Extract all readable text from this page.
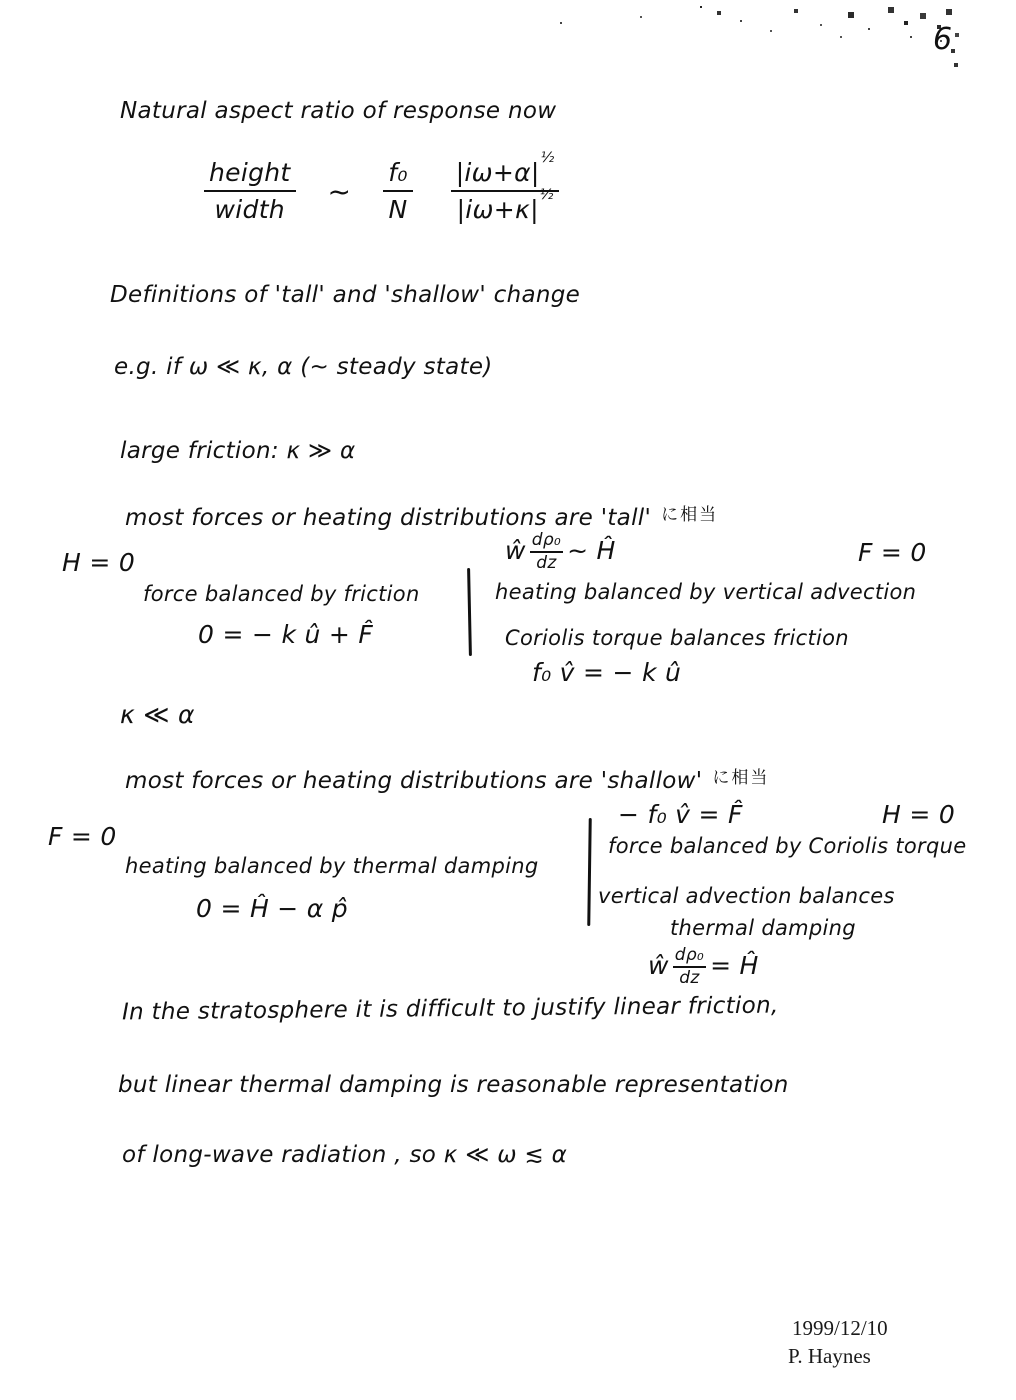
6
Natural aspect ratio of response now
$\frac{\text{height}}{\text{width}}$ ~ $\frac{\text{f₀}}{N} \frac{|i\omega+\alpha|^{\frac{1}{2}}}{|i\omega+\kappa|^{\frac{1}{2}}}$
Definitions of 'tall' and 'shallow' change
e.g. if ω ≪ κ, α (~ steady state)
large friction: κ ≫ α
most forces or heating distributions are 'tall' $^{に相当}$
H = 0
force balanced by friction
0 = − k û + F̂
ŵ $\frac{\text{dρ₀}}{dz}$ ~ Ĥ	F = 0
heating balanced by vertical advection
Coriolis torque balances friction
f₀ v̂ = − k û
κ ≪ α
most forces or heating distributions are 'shallow' $^{に相当}$
− f₀ v̂ = F̂	H = 0
F = 0
heating balanced by thermal damping
0 = Ĥ − α p̂
force balanced by Coriolis torque
vertical advection balances
thermal damping
ŵ $\frac{\text{dρ₀}}{dz}$ = Ĥ
In the stratosphere it is difficult to justify linear friction,
but linear thermal damping is reasonable representation
of long-wave radiation , so κ ≪ ω ≲ α
1999/12/10
P. Haynes
